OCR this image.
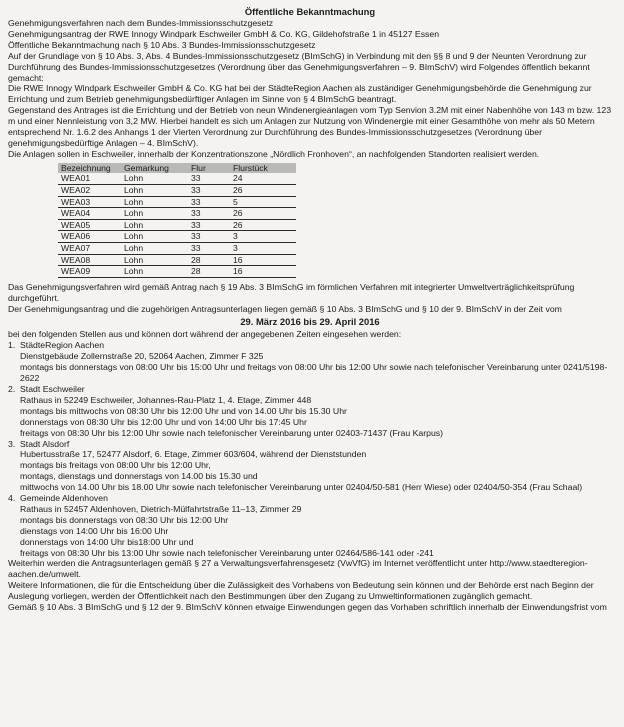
Öffentliche Bekanntmachung

Genehmigungsverfahren nach dem Bundes-Immissionsschutzgesetz

Genehmigungsantrag der RWE Innogy Windpark Eschweiler GmbH & Co. KG, Gildehofstraße 1 in 45127 Essen

Öffentliche Bekanntmachung nach § 10 Abs. 3 Bundes-Immissionsschutzgesetz

Auf der Grundlage von § 10 Abs. 3, Abs. 4 Bundes-Immissionsschutzgesetz (BImSchG) in Verbindung mit den §§ 8 und 9 der Neunten Verordnung zur Durchführung des Bundes-Immissionsschutzgesetzes (Verordnung über das Genehmigungsverfahren – 9. BImSchV) wird Folgendes öffentlich bekannt gemacht:

Die RWE Innogy Windpark Eschweiler GmbH & Co. KG hat bei der StädteRegion Aachen als zuständiger Genehmigungsbehörde die Genehmigung zur Errichtung und zum Betrieb genehmigungsbedürftiger Anlagen im Sinne von § 4 BImSchG beantragt.

Gegenstand des Antrages ist die Errichtung und der Betrieb von neun Windenergieanlagen vom Typ Senvion 3.2M mit einer Nabenhöhe von 143 m bzw. 123 m und einer Nennleistung von 3,2 MW. Hierbei handelt es sich um Anlagen zur Nutzung von Windenergie mit einer Gesamthöhe von mehr als 50 Metern entsprechend Nr. 1.6.2 des Anhangs 1 der Vierten Verordnung zur Durchführung des Bundes-Immissionsschutzgesetzes (Verordnung über genehmigungsbedürftige Anlagen – 4. BImSchV).

Die Anlagen sollen in Eschweiler, innerhalb der Konzentrationszone „Nördlich Fronhoven“, an nachfolgenden Standorten realisiert werden.

Bezeichnung	Gemarkung	Flur	Flurstück
WEA01	Lohn	33	24
WEA02	Lohn	33	26
WEA03	Lohn	33	5
WEA04	Lohn	33	26
WEA05	Lohn	33	26
WEA06	Lohn	33	3
WEA07	Lohn	33	3
WEA08	Lohn	28	16
WEA09	Lohn	28	16

Das Genehmigungsverfahren wird gemäß Antrag nach § 19 Abs. 3 BImSchG im förmlichen Verfahren mit integrierter Umweltverträglichkeitsprüfung durchgeführt.

Der Genehmigungsantrag und die zugehörigen Antragsunterlagen liegen gemäß § 10 Abs. 3 BImSchG und § 10 der 9. BImSchV in der Zeit vom

29. März 2016 bis 29. April 2016

bei den folgenden Stellen aus und können dort während der angegebenen Zeiten eingesehen werden:

1. StädteRegion Aachen

Dienstgebäude Zollernstraße 20, 52064 Aachen, Zimmer F 325

montags bis donnerstags von 08:00 Uhr bis 15:00 Uhr und freitags von 08:00 Uhr bis 12:00 Uhr sowie nach telefonischer Vereinbarung unter 0241/5198-2622

2. Stadt Eschweiler

Rathaus in 52249 Eschweiler, Johannes-Rau-Platz 1, 4. Etage, Zimmer 448

montags bis mittwochs von 08:30 Uhr bis 12:00 Uhr und von 14.00 Uhr bis 15.30 Uhr

donnerstags von 08:30 Uhr bis 12:00 Uhr und von 14:00 Uhr bis 17:45 Uhr

freitags von 08:30 Uhr bis 12:00 Uhr sowie nach telefonischer Vereinbarung unter 02403-71437 (Frau Karpus)

3. Stadt Alsdorf

Hubertusstraße 17, 52477 Alsdorf, 6. Etage, Zimmer 603/604, während der Dienststunden

montags bis freitags von 08:00 Uhr bis 12:00 Uhr,

montags, dienstags und donnerstags von 14.00 bis 15.30 und

mittwochs von 14.00 Uhr bis 18.00 Uhr sowie nach telefonischer Vereinbarung unter 02404/50-581 (Herr Wiese) oder 02404/50-354 (Frau Schaal)

4. Gemeinde Aldenhoven

Rathaus in 52457 Aldenhoven, Dietrich-Mülfahrtstraße 11–13, Zimmer 29

montags bis donnerstags von 08:30 Uhr bis 12:00 Uhr

dienstags von 14:00 Uhr bis 16:00 Uhr

donnerstags von 14:00 Uhr bis18:00 Uhr und

freitags von 08:30 Uhr bis 13:00 Uhr sowie nach telefonischer Vereinbarung unter 02464/586-141 oder -241

Weiterhin werden die Antragsunterlagen gemäß § 27 a Verwaltungsverfahrensgesetz (VwVfG) im Internet veröffentlicht unter http://www.staedteregion-aachen.de/umwelt.

Weitere Informationen, die für die Entscheidung über die Zulässigkeit des Vorhabens von Bedeutung sein können und der Behörde erst nach Beginn der Auslegung vorliegen, werden der Öffentlichkeit nach den Bestimmungen über den Zugang zu Umweltinformationen zugänglich gemacht.

Gemäß § 10 Abs. 3 BImSchG und § 12 der 9. BImSchV können etwaige Einwendungen gegen das Vorhaben schriftlich innerhalb der Einwendungsfrist vom
